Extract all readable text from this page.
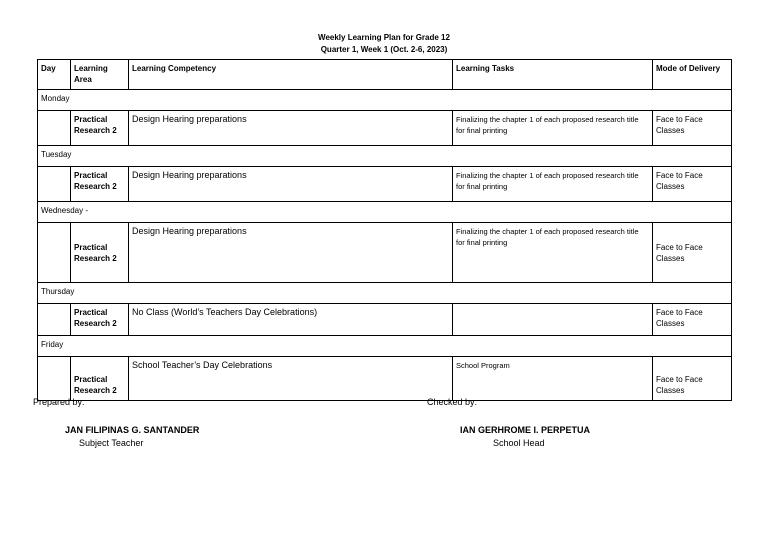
Weekly Learning Plan for Grade 12
Quarter 1, Week 1 (Oct. 2-6, 2023)
Day	Learning Area	Learning Competency	Learning Tasks	Mode of Delivery
Monday				
	Practical Research 2	Design Hearing preparations	Finalizing the chapter 1 of each proposed research title for final printing	Face to Face Classes
Tuesday				
	Practical Research 2	Design Hearing preparations	Finalizing the chapter 1 of each proposed research title for final printing	Face to Face Classes
Wednesday -				
	Practical Research 2	Design Hearing preparations	Finalizing the chapter 1 of each proposed research title for final printing	Face to Face Classes
Thursday				
	Practical Research 2	No Class (World’s Teachers Day Celebrations)		Face to Face Classes
Friday				
	Practical Research 2	School Teacher’s Day Celebrations	School Program	Face to Face Classes
Prepared by:	Checked by:
JAN FILIPINAS G. SANTANDER
Subject Teacher
IAN GERHROME I. PERPETUA
School Head
